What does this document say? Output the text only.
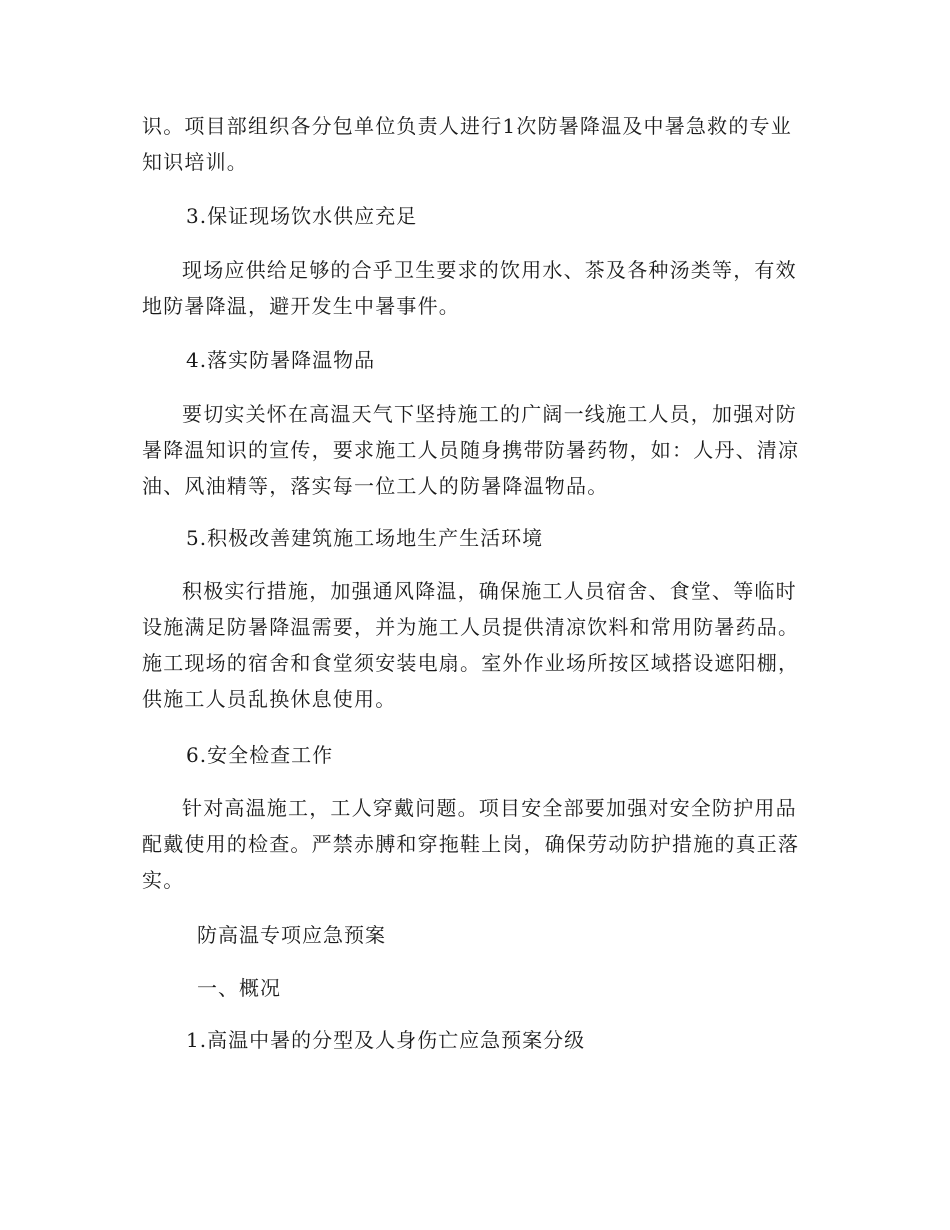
识。项目部组织各分包单位负责人进行1次防暑降温及中暑急救的专业知识培训。

3.保证现场饮水供应充足

现场应供给足够的合乎卫生要求的饮用水、茶及各种汤类等，有效地防暑降温，避开发生中暑事件。

4.落实防暑降温物品

要切实关怀在高温天气下坚持施工的广阔一线施工人员，加强对防暑降温知识的宣传，要求施工人员随身携带防暑药物，如：人丹、清凉油、风油精等，落实每一位工人的防暑降温物品。

5.积极改善建筑施工场地生产生活环境

积极实行措施，加强通风降温，确保施工人员宿舍、食堂、等临时设施满足防暑降温需要，并为施工人员提供清凉饮料和常用防暑药品。施工现场的宿舍和食堂须安装电扇。室外作业场所按区域搭设遮阳棚，供施工人员乱换休息使用。

6.安全检查工作

针对高温施工，工人穿戴问题。项目安全部要加强对安全防护用品配戴使用的检查。严禁赤膊和穿拖鞋上岗，确保劳动防护措施的真正落实。

防高温专项应急预案

一、概况

1.高温中暑的分型及人身伤亡应急预案分级
